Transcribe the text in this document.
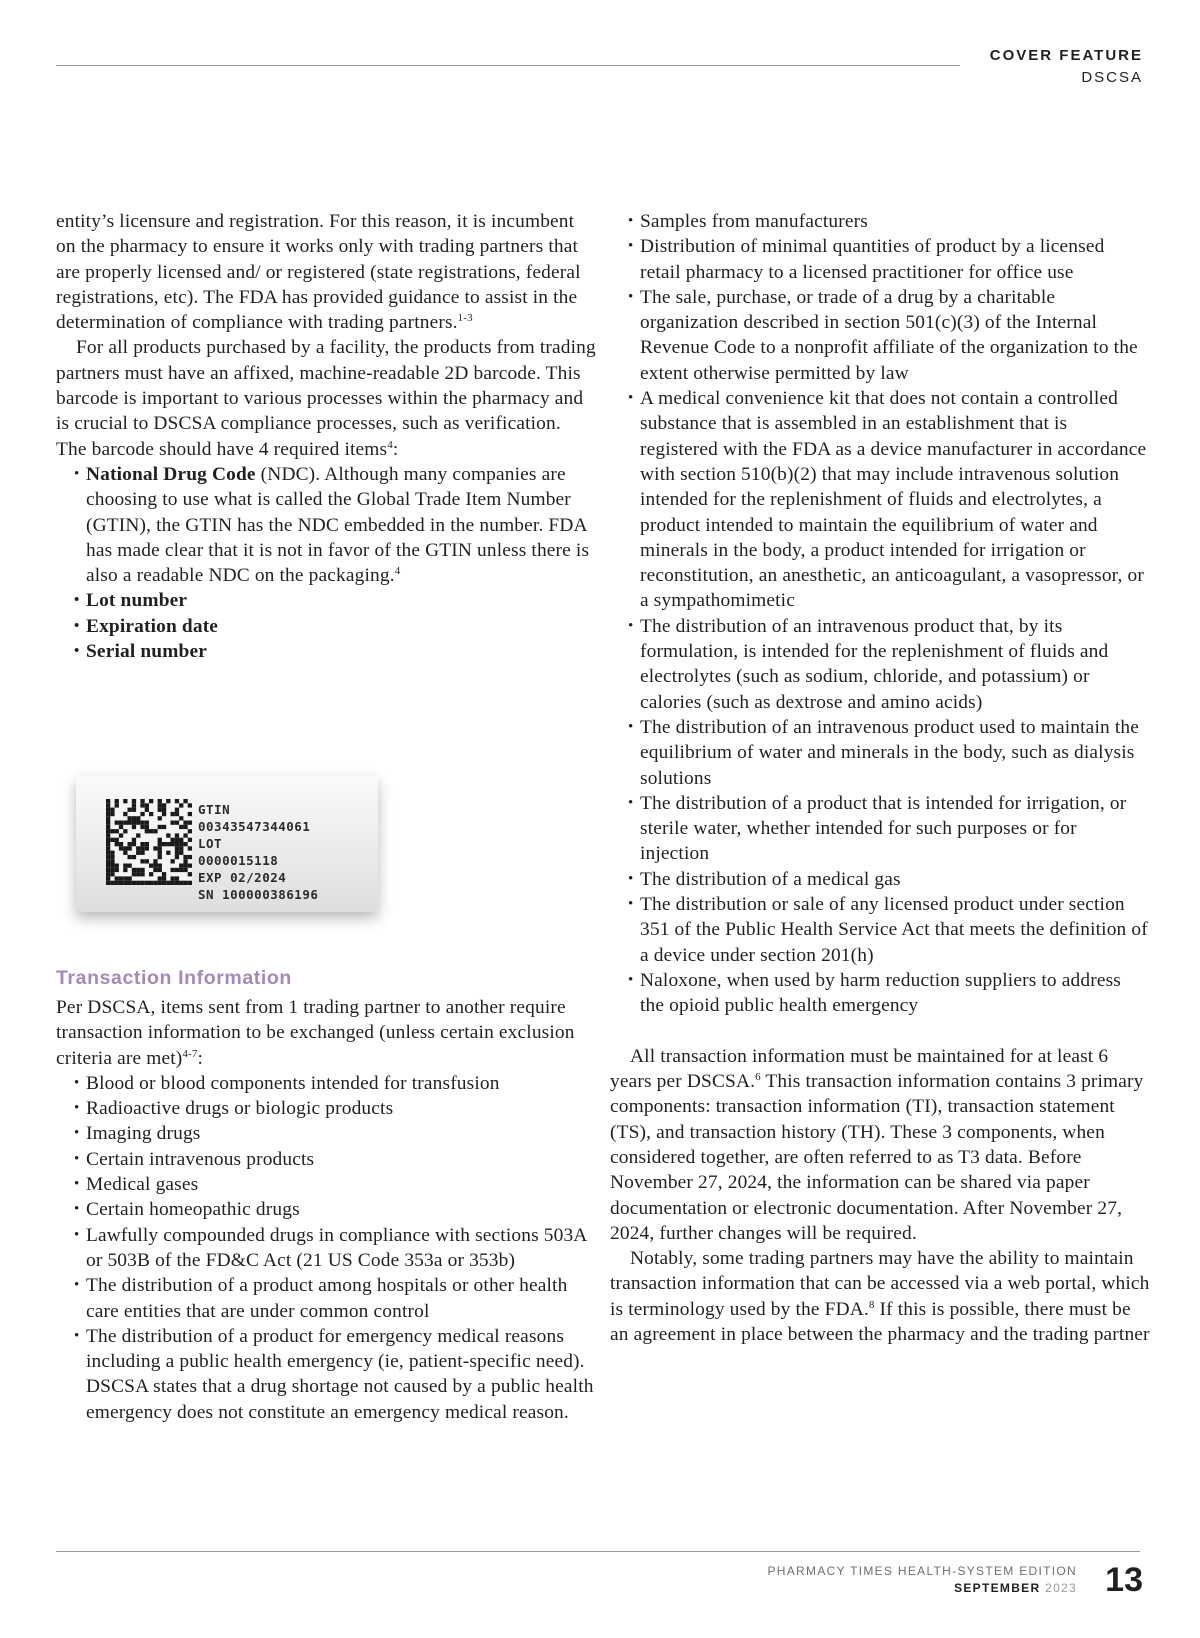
COVER FEATURE
DSCSA

entity’s licensure and registration. For this reason, it is incumbent on the pharmacy to ensure it works only with trading partners that are properly licensed and/ or registered (state registrations, federal registrations, etc). The FDA has provided guidance to assist in the determination of compliance with trading partners.$^{1-3}$

For all products purchased by a facility, the products from trading partners must have an affixed, machine-readable 2D barcode. This barcode is important to various processes within the pharmacy and is crucial to DSCSA compliance processes, such as verification. The barcode should have 4 required items$^4$:

• National Drug Code (NDC). Although many companies are choosing to use what is called the Global Trade Item Number (GTIN), the GTIN has the NDC embedded in the number. FDA has made clear that it is not in favor of the GTIN unless there is also a readable NDC on the packaging.$^4$
• Lot number
• Expiration date
• Serial number
GTIN
00343547344061
LOT
0000015118
EXP 02/2024
SN 100000386196
Transaction Information

Per DSCSA, items sent from 1 trading partner to another require transaction information to be exchanged (unless certain exclusion criteria are met)$^{4-7}$:

• Blood or blood components intended for transfusion
• Radioactive drugs or biologic products
• Imaging drugs
• Certain intravenous products
• Medical gases
• Certain homeopathic drugs
• Lawfully compounded drugs in compliance with sections 503A or 503B of the FD&C Act (21 US Code 353a or 353b)
• The distribution of a product among hospitals or other health care entities that are under common control
• The distribution of a product for emergency medical reasons including a public health emergency (ie, patient-specific need). DSCSA states that a drug shortage not caused by a public health emergency does not constitute an emergency medical reason.
• Samples from manufacturers
• Distribution of minimal quantities of product by a licensed retail pharmacy to a licensed practitioner for office use
• The sale, purchase, or trade of a drug by a charitable organization described in section 501(c)(3) of the Internal Revenue Code to a nonprofit affiliate of the organization to the extent otherwise permitted by law
• A medical convenience kit that does not contain a controlled substance that is assembled in an establishment that is registered with the FDA as a device manufacturer in accordance with section 510(b)(2) that may include intravenous solution intended for the replenishment of fluids and electrolytes, a product intended to maintain the equilibrium of water and minerals in the body, a product intended for irrigation or reconstitution, an anesthetic, an anticoagulant, a vasopressor, or a sympathomimetic
• The distribution of an intravenous product that, by its formulation, is intended for the replenishment of fluids and electrolytes (such as sodium, chloride, and potassium) or calories (such as dextrose and amino acids)
• The distribution of an intravenous product used to maintain the equilibrium of water and minerals in the body, such as dialysis solutions
• The distribution of a product that is intended for irrigation, or sterile water, whether intended for such purposes or for injection
• The distribution of a medical gas
• The distribution or sale of any licensed product under section 351 of the Public Health Service Act that meets the definition of a device under section 201(h)
• Naloxone, when used by harm reduction suppliers to address the opioid public health emergency

All transaction information must be maintained for at least 6 years per DSCSA.$^6$ This transaction information contains 3 primary components: transaction information (TI), transaction statement (TS), and transaction history (TH). These 3 components, when considered together, are often referred to as T3 data. Before November 27, 2024, the information can be shared via paper documentation or electronic documentation. After November 27, 2024, further changes will be required.

Notably, some trading partners may have the ability to maintain transaction information that can be accessed via a web portal, which is terminology used by the FDA.$^8$ If this is possible, there must be an agreement in place between the pharmacy and the trading partner

PHARMACY TIMES HEALTH-SYSTEM EDITION
SEPTEMBER 2023 13
